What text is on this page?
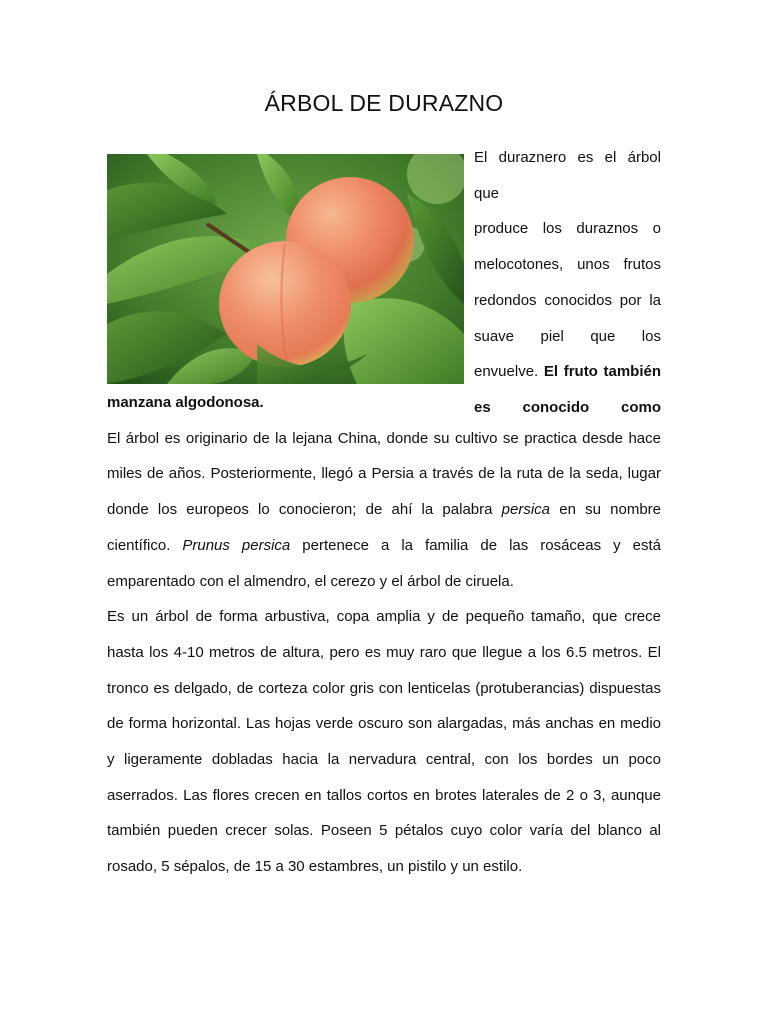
ÁRBOL DE DURAZNO
El duraznero es el árbol que
produce los duraznos o
melocotones, unos frutos
redondos conocidos por la
suave piel que los
envuelve. El fruto también
es conocido como

manzana algodonosa.

El árbol es originario de la lejana China, donde su cultivo se practica desde hace miles de años. Posteriormente, llegó a Persia a través de la ruta de la seda, lugar donde los europeos lo conocieron; de ahí la palabra persica en su nombre científico. Prunus persica pertenece a la familia de las rosáceas y está emparentado con el almendro, el cerezo y el árbol de ciruela.

Es un árbol de forma arbustiva, copa amplia y de pequeño tamaño, que crece hasta los 4-10 metros de altura, pero es muy raro que llegue a los 6.5 metros. El tronco es delgado, de corteza color gris con lenticelas (protuberancias) dispuestas de forma horizontal. Las hojas verde oscuro son alargadas, más anchas en medio y ligeramente dobladas hacia la nervadura central, con los bordes un poco aserrados. Las flores crecen en tallos cortos en brotes laterales de 2 o 3, aunque también pueden crecer solas. Poseen 5 pétalos cuyo color varía del blanco al rosado, 5 sépalos, de 15 a 30 estambres, un pistilo y un estilo.
